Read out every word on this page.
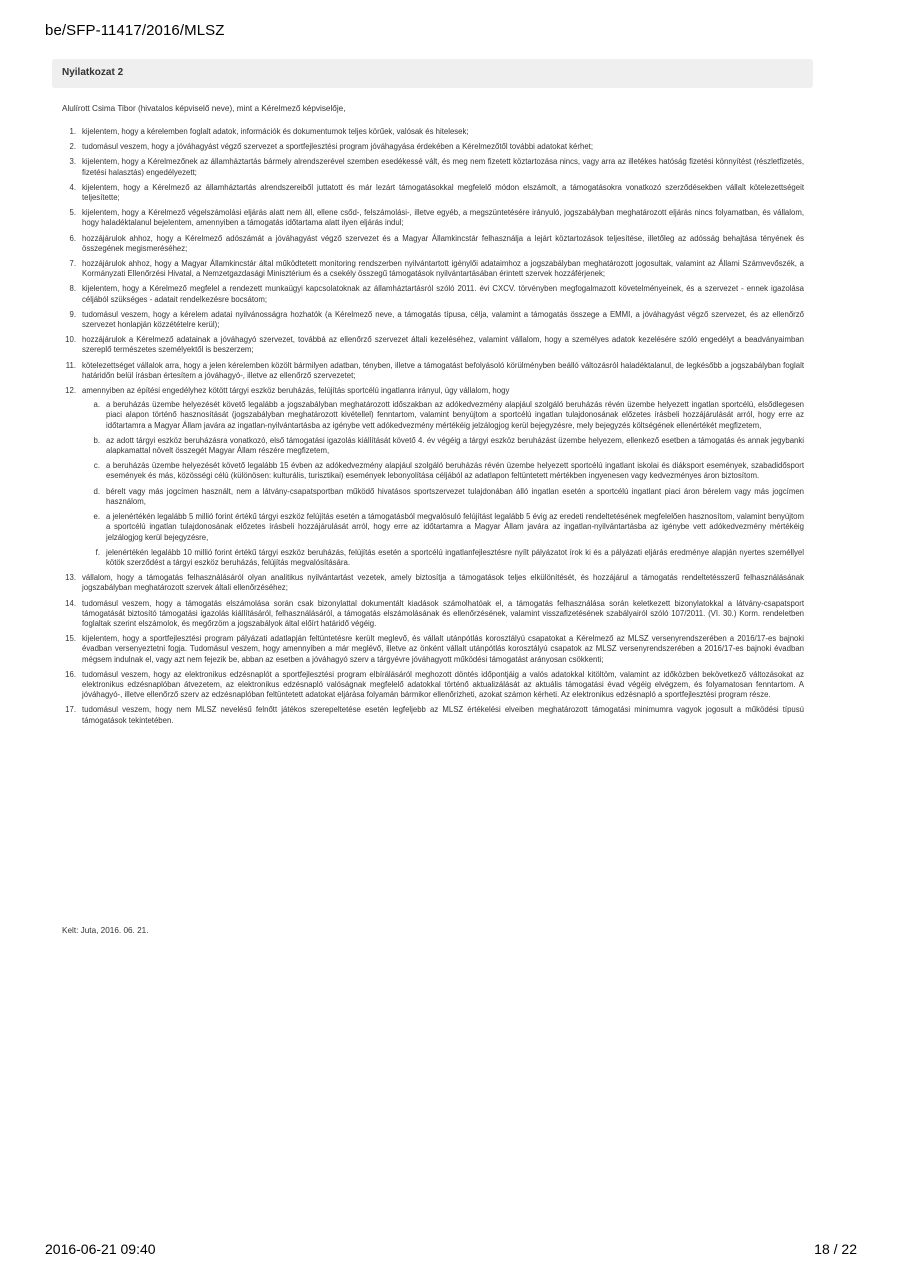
be/SFP-11417/2016/MLSZ
Nyilatkozat 2
Alulírott Csima Tibor (hivatalos képviselő neve), mint a Kérelmező képviselője,
1. kijelentem, hogy a kérelemben foglalt adatok, információk és dokumentumok teljes körűek, valósak és hitelesek;
2. tudomásul veszem, hogy a jóváhagyást végző szervezet a sportfejlesztési program jóváhagyása érdekében a Kérelmezőtől további adatokat kérhet;
3. kijelentem, hogy a Kérelmezőnek az államháztartás bármely alrendszerével szemben esedékessé vált, és meg nem fizetett köztartozása nincs, vagy arra az illetékes hatóság fizetési könnyítést (részletfizetés, fizetési halasztás) engedélyezett;
4. kijelentem, hogy a Kérelmező az államháztartás alrendszereiből juttatott és már lezárt támogatásokkal megfelelő módon elszámolt, a támogatásokra vonatkozó szerződésekben vállalt kötelezettségeit teljesítette;
5. kijelentem, hogy a Kérelmező végelszámolási eljárás alatt nem áll, ellene csőd-, felszámolási-, illetve egyéb, a megszüntetésére irányuló, jogszabályban meghatározott eljárás nincs folyamatban, és vállalom, hogy haladéktalanul bejelentem, amennyiben a támogatás időtartama alatt ilyen eljárás indul;
6. hozzájárulok ahhoz, hogy a Kérelmező adószámát a jóváhagyást végző szervezet és a Magyar Államkincstár felhasználja a lejárt köztartozások teljesítése, illetőleg az adósság behajtása tényének és összegének megismeréséhez;
7. hozzájárulok ahhoz, hogy a Magyar Államkincstár által működtetett monitoring rendszerben nyilvántartott igénylői adataimhoz a jogszabályban meghatározott jogosultak, valamint az Állami Számvevőszék, a Kormányzati Ellenőrzési Hivatal, a Nemzetgazdasági Minisztérium és a csekély összegű támogatások nyilvántartásában érintett szervek hozzáférjenek;
8. kijelentem, hogy a Kérelmező megfelel a rendezett munkaügyi kapcsolatoknak az államháztartásról szóló 2011. évi CXCV. törvényben megfogalmazott követelményeinek, és a szervezet - ennek igazolása céljából szükséges - adatait rendelkezésre bocsátom;
9. tudomásul veszem, hogy a kérelem adatai nyilvánosságra hozhatók (a Kérelmező neve, a támogatás típusa, célja, valamint a támogatás összege a EMMI, a jóváhagyást végző szervezet, és az ellenőrző szervezet honlapján közzétételre kerül);
10. hozzájárulok a Kérelmező adatainak a jóváhagyó szervezet, továbbá az ellenőrző szervezet általi kezeléséhez, valamint vállalom, hogy a személyes adatok kezelésére szóló engedélyt a beadványaimban szereplő természetes személyektől is beszerzem;
11. kötelezettséget vállalok arra, hogy a jelen kérelemben közölt bármilyen adatban, tényben, illetve a támogatást befolyásoló körülményben beálló változásról haladéktalanul, de legkésőbb a jogszabályban foglalt határidőn belül írásban értesítem a jóváhagyó-, illetve az ellenőrző szervezetet;
12. amennyiben az építési engedélyhez kötött tárgyi eszköz beruházás, felújítás sportcélú ingatlanra irányul, úgy vállalom, hogy
a. a beruházás üzembe helyezését követő legalább a jogszabályban meghatározott időszakban az adókedvezmény alapjául szolgáló beruházás révén üzembe helyezett ingatlan sportcélú, elsődlegesen piaci alapon történő hasznosítását (jogszabályban meghatározott kivétellel) fenntartom, valamint benyújtom a sportcélú ingatlan tulajdonosának előzetes írásbeli hozzájárulását arról, hogy erre az időtartamra a Magyar Állam javára az ingatlan-nyilvántartásba az igénybe vett adókedvezmény mértékéig jelzálogjog kerül bejegyzésre, mely bejegyzés költségének ellenértékét megfizetem,
b. az adott tárgyi eszköz beruházásra vonatkozó, első támogatási igazolás kiállítását követő 4. év végéig a tárgyi eszköz beruházást üzembe helyezem, ellenkező esetben a támogatás és annak jegybanki alapkamattal növelt összegét Magyar Állam részére megfizetem,
c. a beruházás üzembe helyezését követő legalább 15 évben az adókedvezmény alapjául szolgáló beruházás révén üzembe helyezett sportcélú ingatlant iskolai és diáksport események, szabadidősport események és más, közösségi célú (különösen: kulturális, turisztikai) események lebonyolítása céljából az adatlapon feltüntetett mértékben ingyenesen vagy kedvezményes áron biztosítom.
d. bérelt vagy más jogcímen használt, nem a látvány-csapatsportban működő hivatásos sportszervezet tulajdonában álló ingatlan esetén a sportcélú ingatlant piaci áron bérelem vagy más jogcímen használom,
e. a jelenértékén legalább 5 millió forint értékű tárgyi eszköz felújítás esetén a támogatásból megvalósuló felújítást legalább 5 évig az eredeti rendeltetésének megfelelően hasznosítom, valamint benyújtom a sportcélú ingatlan tulajdonosának előzetes írásbeli hozzájárulását arról, hogy erre az időtartamra a Magyar Állam javára az ingatlan-nyilvántartásba az igénybe vett adókedvezmény mértékéig jelzálogjog kerül bejegyzésre,
f. jelenértékén legalább 10 millió forint értékű tárgyi eszköz beruházás, felújítás esetén a sportcélú ingatlanfejlesztésre nyílt pályázatot írok ki és a pályázati eljárás eredménye alapján nyertes személlyel kötök szerződést a tárgyi eszköz beruházás, felújítás megvalósítására.
13. vállalom, hogy a támogatás felhasználásáról olyan analitikus nyilvántartást vezetek, amely biztosítja a támogatások teljes elkülönítését, és hozzájárul a támogatás rendeltetésszerű felhasználásának jogszabályban meghatározott szervek általi ellenőrzéséhez;
14. tudomásul veszem, hogy a támogatás elszámolása során csak bizonylattal dokumentált kiadások számolhatóak el, a támogatás felhasználása során keletkezett bizonylatokkal a látvány-csapatsport támogatását biztosító támogatási igazolás kiállításáról, felhasználásáról, a támogatás elszámolásának és ellenőrzésének, valamint visszafizetésének szabályairól szóló 107/2011. (VI. 30.) Korm. rendeletben foglaltak szerint elszámolok, és megőrzöm a jogszabályok által előírt határidő végéig.
15. kijelentem, hogy a sportfejlesztési program pályázati adatlapján feltüntetésre került meglevő, és vállalt utánpótlás korosztályú csapatokat a Kérelmező az MLSZ versenyrendszerében a 2016/17-es bajnoki évadban versenyeztetni fogja. Tudomásul veszem, hogy amennyiben a már meglévő, illetve az önként vállalt utánpótlás korosztályú csapatok az MLSZ versenyrendszerében a 2016/17-es bajnoki évadban mégsem indulnak el, vagy azt nem fejezik be, abban az esetben a jóváhagyó szerv a tárgyévre jóváhagyott működési támogatást arányosan csökkenti;
16. tudomásul veszem, hogy az elektronikus edzésnaplót a sportfejlesztési program elbírálásáról meghozott döntés időpontjáig a valós adatokkal kitöltöm, valamint az időközben bekövetkező változásokat az elektronikus edzésnaplóban átvezetem, az elektronikus edzésnapló valóságnak megfelelő adatokkal történő aktualizálását az aktuális támogatási évad végéig elvégzem, és folyamatosan fenntartom. A jóváhagyó-, illetve ellenőrző szerv az edzésnaplóban feltüntetett adatokat eljárása folyamán bármikor ellenőrizheti, azokat számon kérheti. Az elektronikus edzésnapló a sportfejlesztési program része.
17. tudomásul veszem, hogy nem MLSZ nevelésű felnőtt játékos szerepeltetése esetén legfeljebb az MLSZ értékelési elveiben meghatározott támogatási minimumra vagyok jogosult a működési típusú támogatások tekintetében.
Kelt: Juta, 2016. 06. 21.
2016-06-21 09:40	18 / 22
